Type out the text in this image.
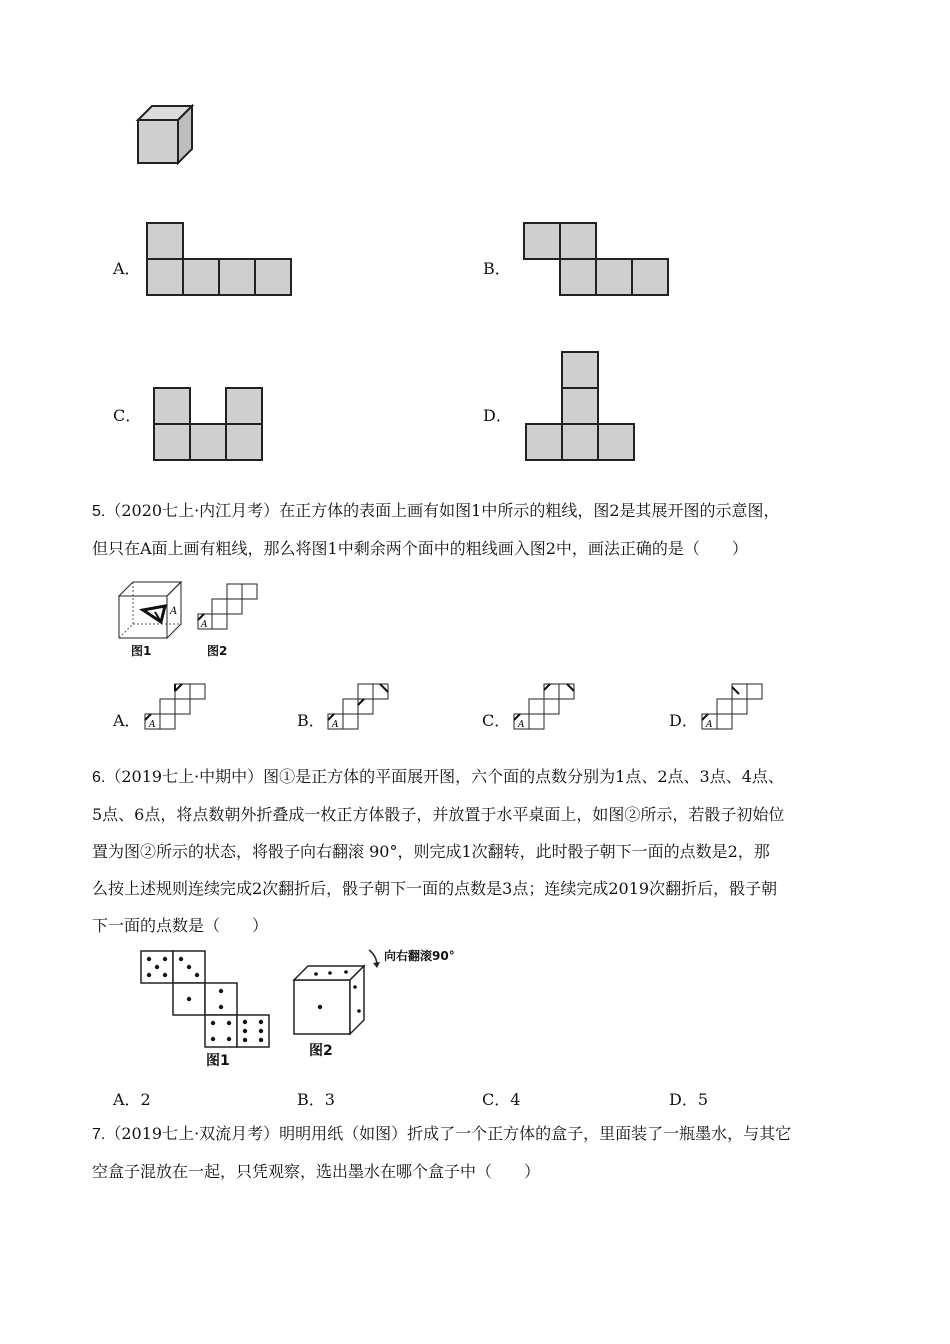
A．	B．
C．	D．

5.（2020七上·内江月考）在正方体的表面上画有如图1中所示的粗线，图2是其展开图的示意图，

但只在A面上画有粗线，那么将图1中剩余两个面中的粗线画入图2中，画法正确的是（　　）

A
图1
A
图2
A． A	B． A	C． A	D． A

6.（2019七上·中期中）图①是正方体的平面展开图，六个面的点数分别为1点、2点、3点、4点、

5点、6点，将点数朝外折叠成一枚正方体骰子，并放置于水平桌面上，如图②所示，若骰子初始位

置为图②所示的状态，将骰子向右翻滚 90°，则完成1次翻转，此时骰子朝下一面的点数是2，那

么按上述规则连续完成2次翻折后，骰子朝下一面的点数是3点；连续完成2019次翻折后，骰子朝

下一面的点数是（　　）

图1
向右翻滚90°
图2
A．2	B．3	C．4	D．5

7.（2019七上·双流月考）明明用纸（如图）折成了一个正方体的盒子，里面装了一瓶墨水，与其它

空盒子混放在一起，只凭观察，选出墨水在哪个盒子中（　　）
